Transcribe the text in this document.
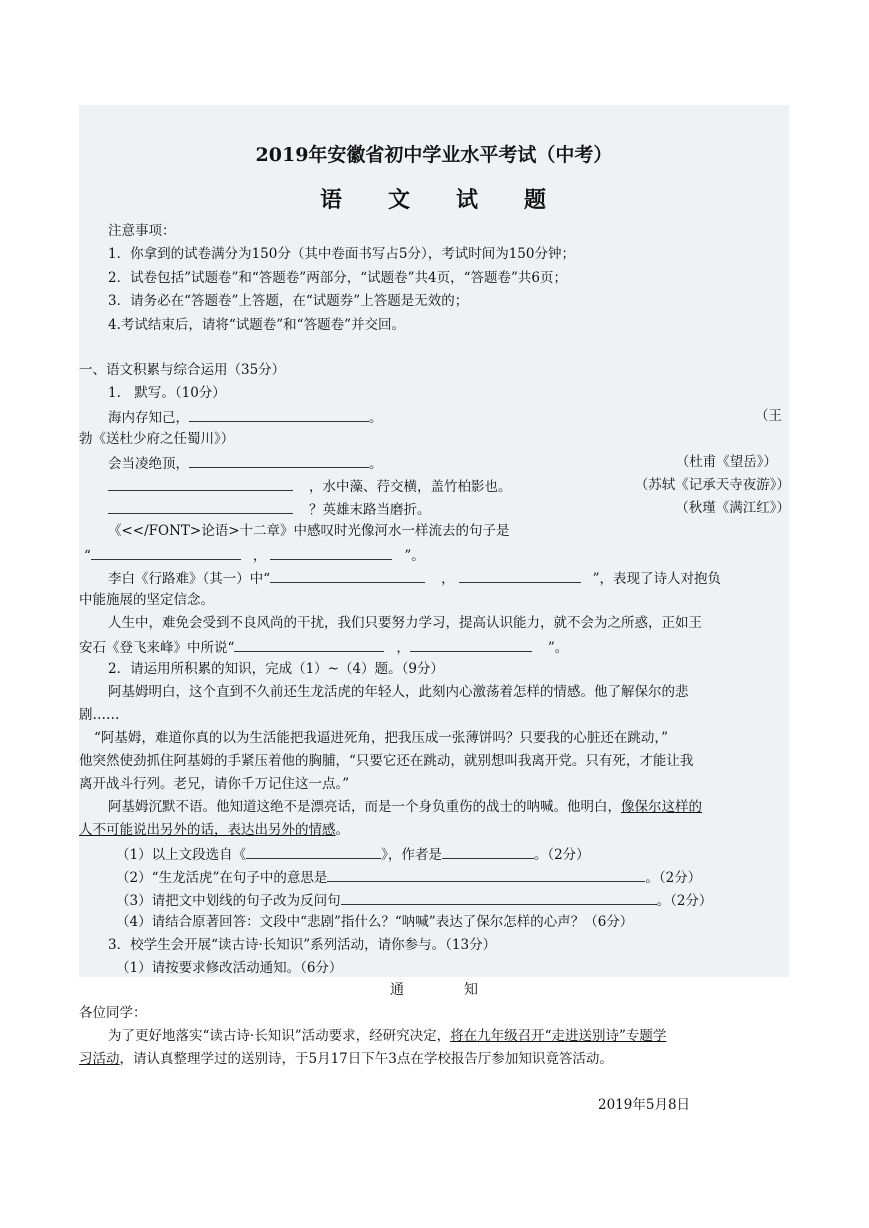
2019年安徽省初中学业水平考试（中考）
语 文 试 题
注意事项：
1．你拿到的试卷满分为150分（其中卷面书写占5分），考试时间为150分钟；
2．试卷包括”试题卷”和“答题卷”两部分，“试题卷”共4页，“答题卷”共6页；
3．请务必在“答题卷”上答题，在“试题券”上答题是无效的；
4.考试结束后，请将“试题卷”和“答题卷”并交回。
一、语文积累与综合运用（35分）
1.　默写。（10分）
海内存知己，	。	（王
勃《送杜少府之任蜀川》）
会当凌绝顶，	。	（杜甫《望岳》）
，水中藻、荇交横，盖竹柏影也。	（苏轼《记承天寺夜游》）
？英雄末路当磨折。	（秋瑾《满江红》）
《<</FONT>论语>十二章》中感叹时光像河水一样流去的句子是
“	，	”。
李白《行路难》（其一）中“	，	”，表现了诗人对抱负
中能施展的坚定信念。
人生中，难免会受到不良风尚的干扰，我们只要努力学习，提高认识能力，就不会为之所惑，正如王
安石《登飞来峰》中所说“	，	”。
2．请运用所积累的知识，完成（1）~（4）题。（9分）
阿基姆明白，这个直到不久前还生龙活虎的年轻人，此刻内心激荡着怎样的情感。他了解保尔的悲
剧……
“阿基姆，难道你真的以为生活能把我逼进死角，把我压成一张薄饼吗？只要我的心脏还在跳动，”
他突然使劲抓住阿基姆的手紧压着他的胸脯，“只要它还在跳动，就别想叫我离开党。只有死，才能让我
离开战斗行列。老兄，请你千万记住这一点。”
阿基姆沉默不语。他知道这绝不是漂亮话，而是一个身负重伤的战士的呐喊。他明白，像保尔这样的
人不可能说出另外的话，表达出另外的情感。
（1）以上文段选自《	》，作者是	。（2分）
（2）“生龙活虎”在句子中的意思是	。（2分）
（3）请把文中划线的句子改为反问句	。（2分）
（4）请结合原著回答：文段中“悲剧”指什么？“呐喊”表达了保尔怎样的心声？（6分）
3．校学生会开展“读古诗·长知识”系列活动，请你参与。（13分）
（1）请按要求修改活动通知。（6分）
通	知
各位同学：
为了更好地落实“读古诗·长知识”活动要求，经研究决定，将在九年级召开“走进送别诗”专题学
习活动，请认真整理学过的送别诗，于5月17日下午3点在学校报告厅参加知识竟答活动。
2019年5月8日
